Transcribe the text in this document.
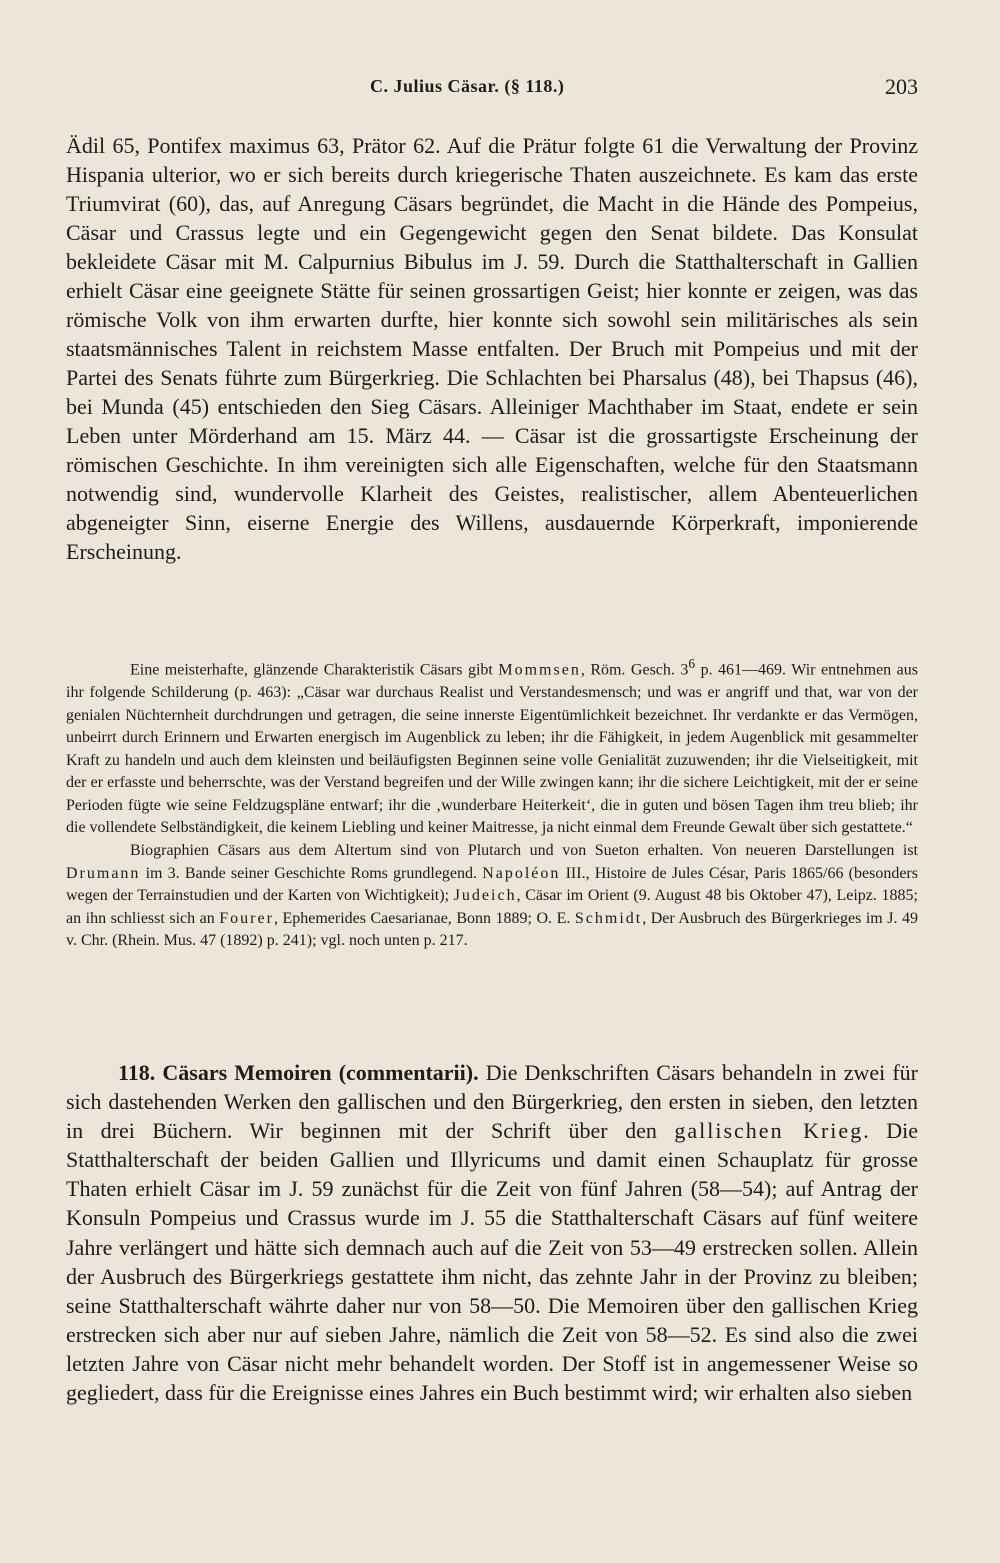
C. Julius Cäsar. (§ 118.)	203

Ädil 65, Pontifex maximus 63, Prätor 62. Auf die Prätur folgte 61 die Verwaltung der Provinz Hispania ulterior, wo er sich bereits durch kriegerische Thaten auszeichnete. Es kam das erste Triumvirat (60), das, auf Anregung Cäsars begründet, die Macht in die Hände des Pompeius, Cäsar und Crassus legte und ein Gegengewicht gegen den Senat bildete. Das Konsulat bekleidete Cäsar mit M. Calpurnius Bibulus im J. 59. Durch die Statthalterschaft in Gallien erhielt Cäsar eine geeignete Stätte für seinen grossartigen Geist; hier konnte er zeigen, was das römische Volk von ihm erwarten durfte, hier konnte sich sowohl sein militärisches als sein staatsmännisches Talent in reichstem Masse entfalten. Der Bruch mit Pompeius und mit der Partei des Senats führte zum Bürgerkrieg. Die Schlachten bei Pharsalus (48), bei Thapsus (46), bei Munda (45) entschieden den Sieg Cäsars. Alleiniger Machthaber im Staat, endete er sein Leben unter Mörderhand am 15. März 44. — Cäsar ist die grossartigste Erscheinung der römischen Geschichte. In ihm vereinigten sich alle Eigenschaften, welche für den Staatsmann notwendig sind, wundervolle Klarheit des Geistes, realistischer, allem Abenteuerlichen abgeneigter Sinn, eiserne Energie des Willens, ausdauernde Körperkraft, imponierende Erscheinung.

Eine meisterhafte, glänzende Charakteristik Cäsars gibt Mommsen, Röm. Gesch. $3^6$ p. 461—469. Wir entnehmen aus ihr folgende Schilderung (p. 463): „Cäsar war durchaus Realist und Verstandesmensch; und was er angriff und that, war von der genialen Nüchternheit durchdrungen und getragen, die seine innerste Eigentümlichkeit bezeichnet. Ihr verdankte er das Vermögen, unbeirrt durch Erinnern und Erwarten energisch im Augenblick zu leben; ihr die Fähigkeit, in jedem Augenblick mit gesammelter Kraft zu handeln und auch dem kleinsten und beiläufigsten Beginnen seine volle Genialität zuzuwenden; ihr die Vielseitigkeit, mit der er erfasste und beherrschte, was der Verstand begreifen und der Wille zwingen kann; ihr die sichere Leichtigkeit, mit der er seine Perioden fügte wie seine Feldzugspläne entwarf; ihr die ‚wunderbare Heiterkeit‘, die in guten und bösen Tagen ihm treu blieb; ihr die vollendete Selbständigkeit, die keinem Liebling und keiner Maitresse, ja nicht einmal dem Freunde Gewalt über sich gestattete.“

Biographien Cäsars aus dem Altertum sind von Plutarch und von Sueton erhalten. Von neueren Darstellungen ist Drumann im 3. Bande seiner Geschichte Roms grundlegend. Napoléon III., Histoire de Jules César, Paris 1865/66 (besonders wegen der Terrainstudien und der Karten von Wichtigkeit); Judeich, Cäsar im Orient (9. August 48 bis Oktober 47), Leipz. 1885; an ihn schliesst sich an Fourer, Ephemerides Caesarianae, Bonn 1889; O. E. Schmidt, Der Ausbruch des Bürgerkrieges im J. 49 v. Chr. (Rhein. Mus. 47 (1892) p. 241); vgl. noch unten p. 217.

118. Cäsars Memoiren (commentarii). Die Denkschriften Cäsars behandeln in zwei für sich dastehenden Werken den gallischen und den Bürgerkrieg, den ersten in sieben, den letzten in drei Büchern. Wir beginnen mit der Schrift über den gallischen Krieg. Die Statthalterschaft der beiden Gallien und Illyricums und damit einen Schauplatz für grosse Thaten erhielt Cäsar im J. 59 zunächst für die Zeit von fünf Jahren (58—54); auf Antrag der Konsuln Pompeius und Crassus wurde im J. 55 die Statthalterschaft Cäsars auf fünf weitere Jahre verlängert und hätte sich demnach auch auf die Zeit von 53—49 erstrecken sollen. Allein der Ausbruch des Bürgerkriegs gestattete ihm nicht, das zehnte Jahr in der Provinz zu bleiben; seine Statthalterschaft währte daher nur von 58—50. Die Memoiren über den gallischen Krieg erstrecken sich aber nur auf sieben Jahre, nämlich die Zeit von 58—52. Es sind also die zwei letzten Jahre von Cäsar nicht mehr behandelt worden. Der Stoff ist in angemessener Weise so gegliedert, dass für die Ereignisse eines Jahres ein Buch bestimmt wird; wir erhalten also sieben
